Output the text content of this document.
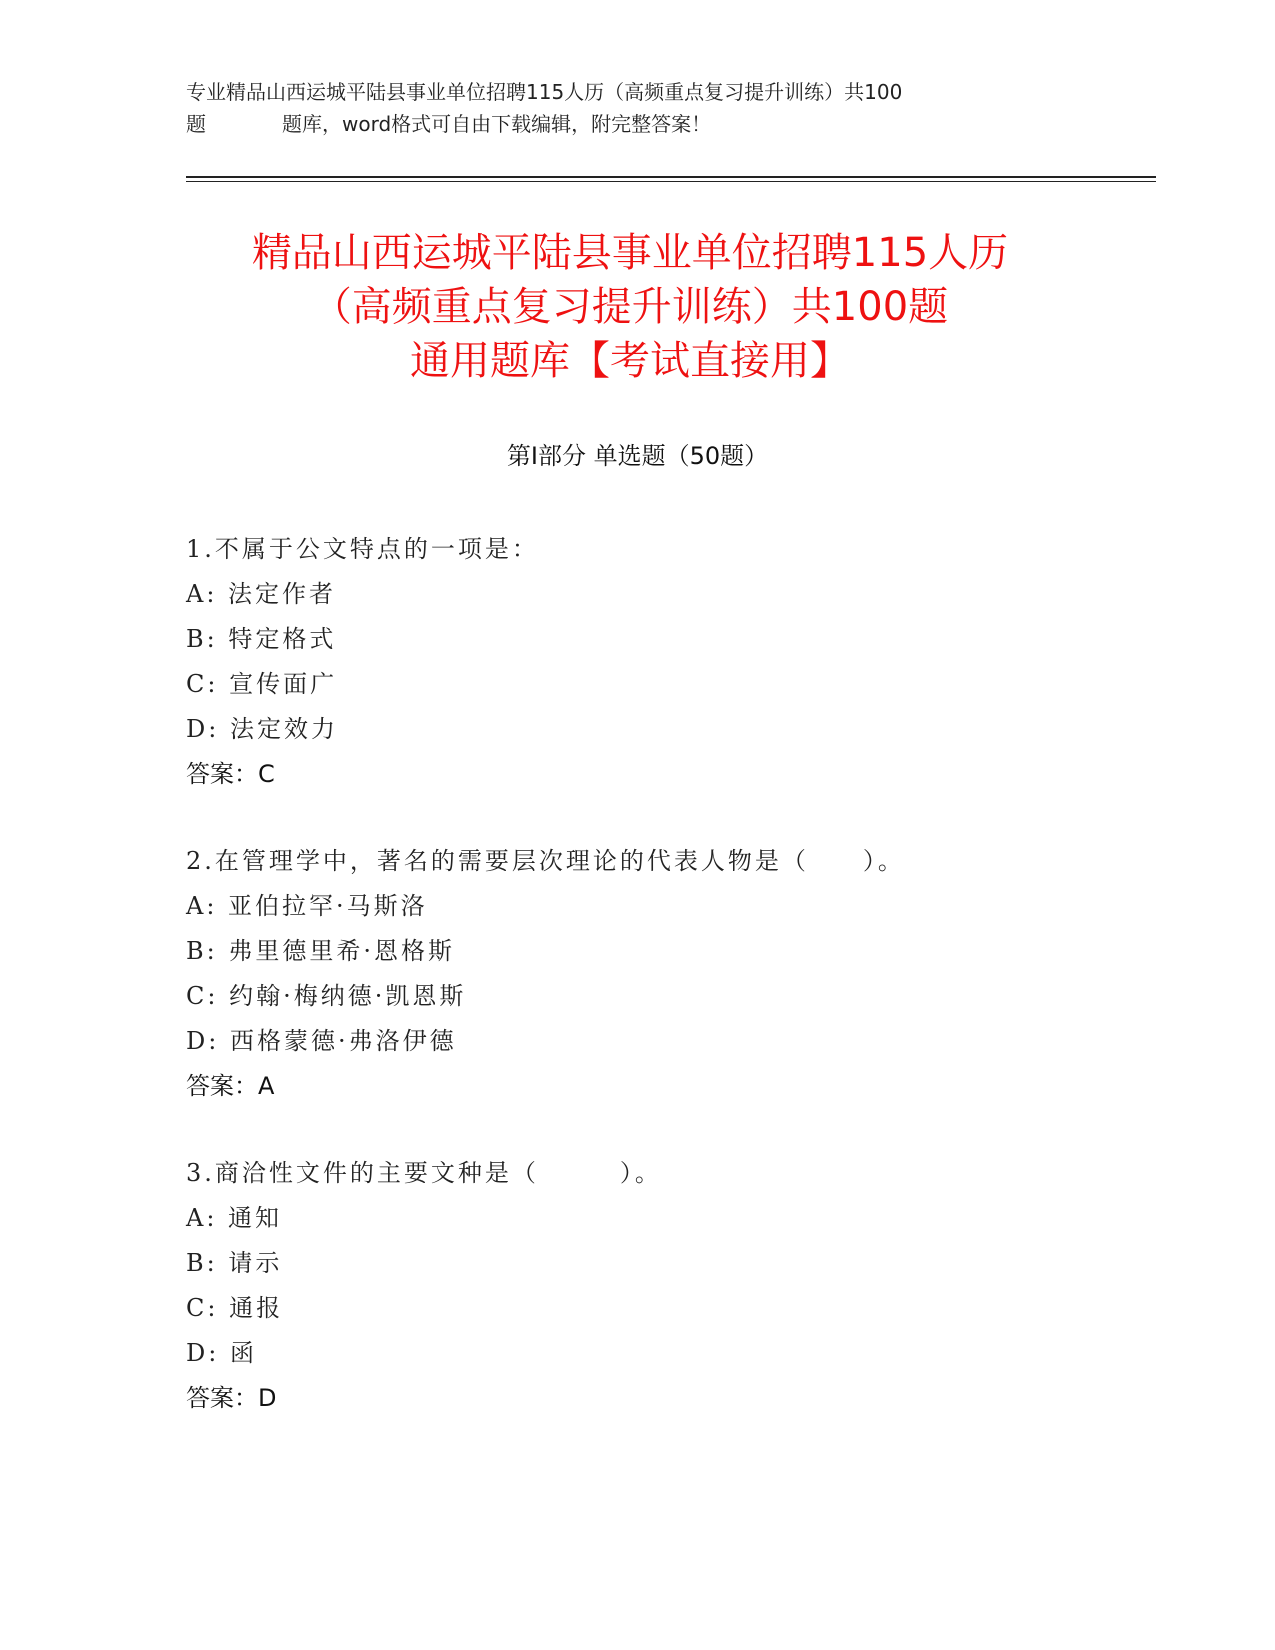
专业精品山西运城平陆县事业单位招聘115人历（高频重点复习提升训练）共100
题	题库，word格式可自由下载编辑，附完整答案！
精品山西运城平陆县事业单位招聘115人历
（高频重点复习提升训练）共100题
通用题库【考试直接用】
第Ⅰ部分 单选题（50题）
1.不属于公文特点的一项是：
A: 法定作者
B: 特定格式
C: 宣传面广
D: 法定效力
答案：C
2.在管理学中，著名的需要层次理论的代表人物是（　　）。
A: 亚伯拉罕·马斯洛
B: 弗里德里希·恩格斯
C: 约翰·梅纳德·凯恩斯
D: 西格蒙德·弗洛伊德
答案：A
3.商洽性文件的主要文种是（　　　）。
A: 通知
B: 请示
C: 通报
D: 函
答案：D
